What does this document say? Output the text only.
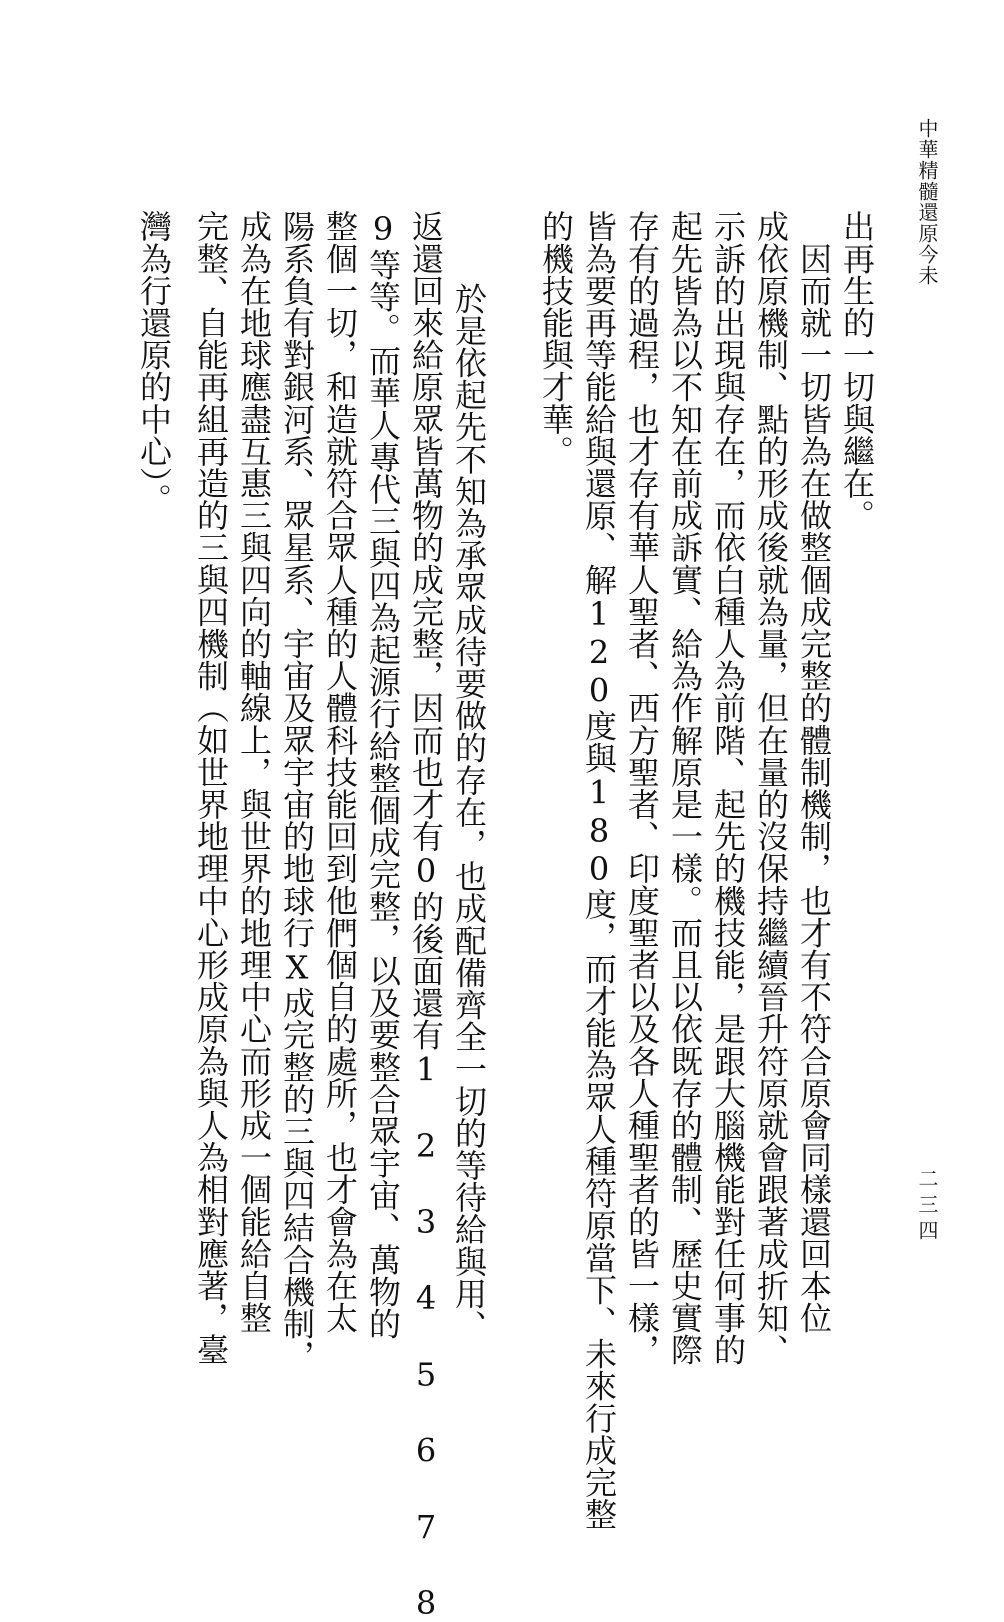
中華精髓還原今未
二三四
出再生的一切與繼在。
　因而就一切皆為在做整個成完整的體制機制，也才有不符合原會同樣還回本位
成依原機制、點的形成後就為量，但在量的沒保持繼續晉升符原就會跟著成折知、
示訴的出現與存在，而依白種人為前階、起先的機技能，是跟大腦機能對任何事的
起先皆為以不知在前成訴實、給為作解原是一樣。而且以依既存的體制、歷史實際
存有的過程，也才存有華人聖者、西方聖者、印度聖者以及各人種聖者的皆一樣，
皆為要再等能給與還原、解120度與180度，而才能為眾人種符原當下、未來行成完整
的機技能與才華。
　於是依起先不知為承眾成待要做的存在，也成配備齊全一切的等待給與用、
返還回來給原眾皆萬物的成完整，因而也才有0的後面還有1 2 3 4 5 6 7 8
9等等。而華人專代三與四為起源行給整個成完整，以及要整合眾宇宙、萬物的
整個一切，和造就符合眾人種的人體科技能回到他們個自的處所，也才會為在太
陽系負有對銀河系、眾星系、宇宙及眾宇宙的地球行X成完整的三與四結合機制，
成為在地球應盡互惠三與四向的軸線上，與世界的地理中心而形成一個能給自整
完整、自能再組再造的三與四機制（如世界地理中心形成原為與人為相對應著，臺
灣為行還原的中心）。
